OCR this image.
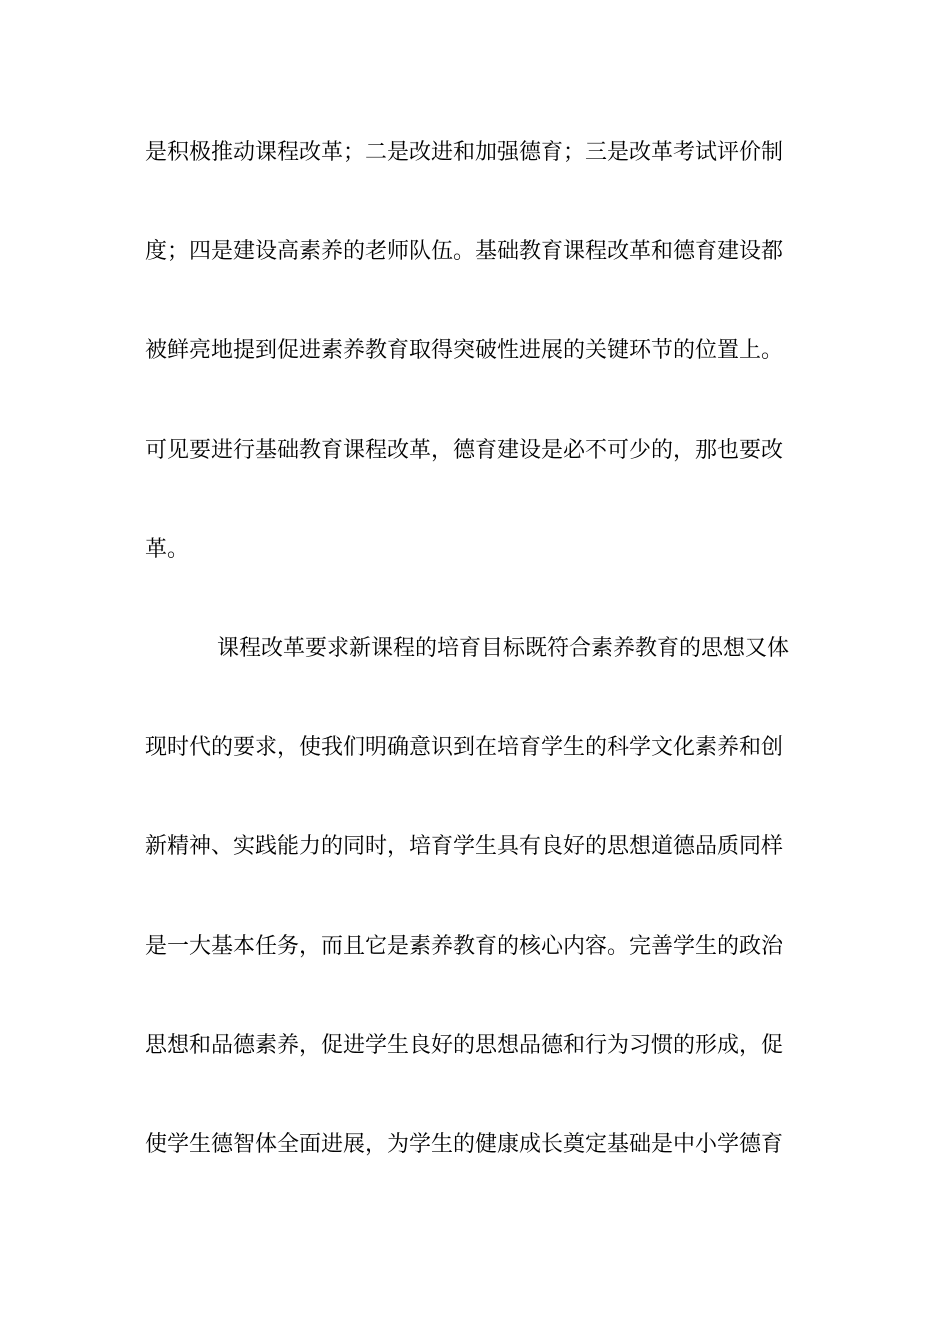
是积极推动课程改革；二是改进和加强德育；三是改革考试评价制
度；四是建设高素养的老师队伍。基础教育课程改革和德育建设都
被鲜亮地提到促进素养教育取得突破性进展的关键环节的位置上。
可见要进行基础教育课程改革，德育建设是必不可少的，那也要改
革。
课程改革要求新课程的培育目标既符合素养教育的思想又体
现时代的要求，使我们明确意识到在培育学生的科学文化素养和创
新精神、实践能力的同时，培育学生具有良好的思想道德品质同样
是一大基本任务，而且它是素养教育的核心内容。完善学生的政治
思想和品德素养，促进学生良好的思想品德和行为习惯的形成，促
使学生德智体全面进展，为学生的健康成长奠定基础是中小学德育
